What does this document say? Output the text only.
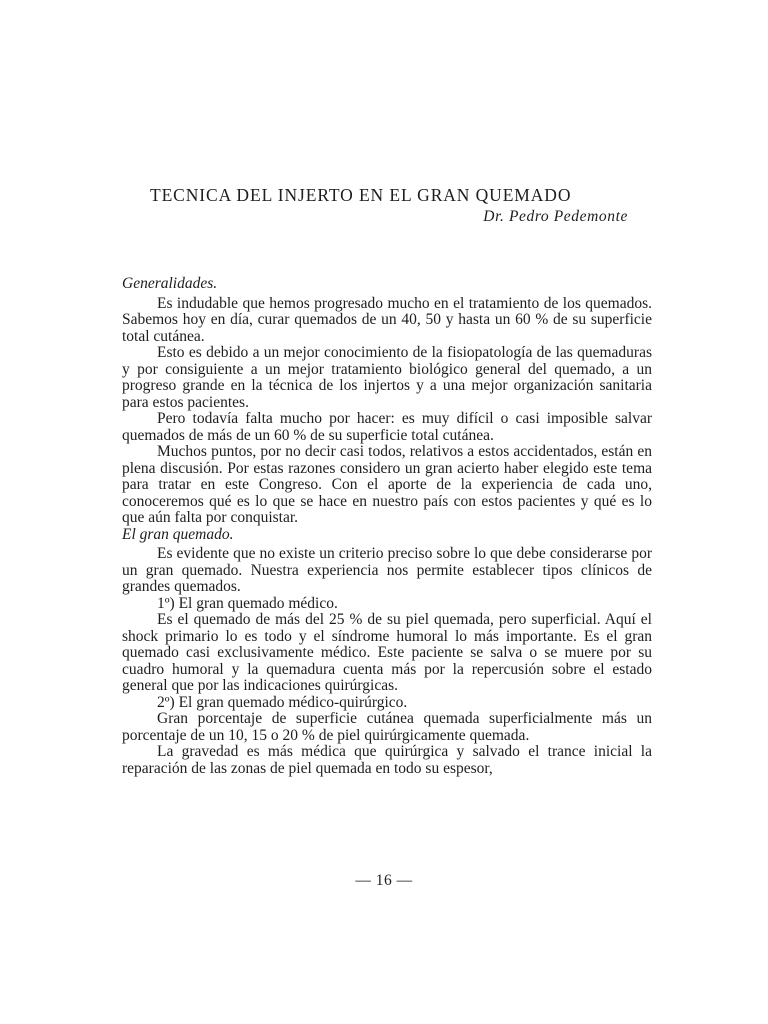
TECNICA DEL INJERTO EN EL GRAN QUEMADO
Dr. Pedro Pedemonte
Generalidades.

Es indudable que hemos progresado mucho en el tratamiento de los quemados. Sabemos hoy en día, curar quemados de un 40, 50 y hasta un 60 % de su superficie total cutánea.

Esto es debido a un mejor conocimiento de la fisiopatología de las quemaduras y por consiguiente a un mejor tratamiento biológico general del quemado, a un progreso grande en la técnica de los injertos y a una mejor organización sanitaria para estos pacientes.

Pero todavía falta mucho por hacer: es muy difícil o casi imposible salvar quemados de más de un 60 % de su superficie total cutánea.

Muchos puntos, por no decir casi todos, relativos a estos accidentados, están en plena discusión. Por estas razones considero un gran acierto haber elegido este tema para tratar en este Congreso. Con el aporte de la experiencia de cada uno, conoceremos qué es lo que se hace en nuestro país con estos pacientes y qué es lo que aún falta por conquistar.

El gran quemado.

Es evidente que no existe un criterio preciso sobre lo que debe considerarse por un gran quemado. Nuestra experiencia nos permite establecer tipos clínicos de grandes quemados.

1º) El gran quemado médico.

Es el quemado de más del 25 % de su piel quemada, pero superficial. Aquí el shock primario lo es todo y el síndrome humoral lo más importante. Es el gran quemado casi exclusivamente médico. Este paciente se salva o se muere por su cuadro humoral y la quemadura cuenta más por la repercusión sobre el estado general que por las indicaciones quirúrgicas.

2º) El gran quemado médico-quirúrgico.

Gran porcentaje de superficie cutánea quemada superficialmente más un porcentaje de un 10, 15 o 20 % de piel quirúrgicamente quemada.

La gravedad es más médica que quirúrgica y salvado el trance inicial la reparación de las zonas de piel quemada en todo su espesor,

— 16 —
